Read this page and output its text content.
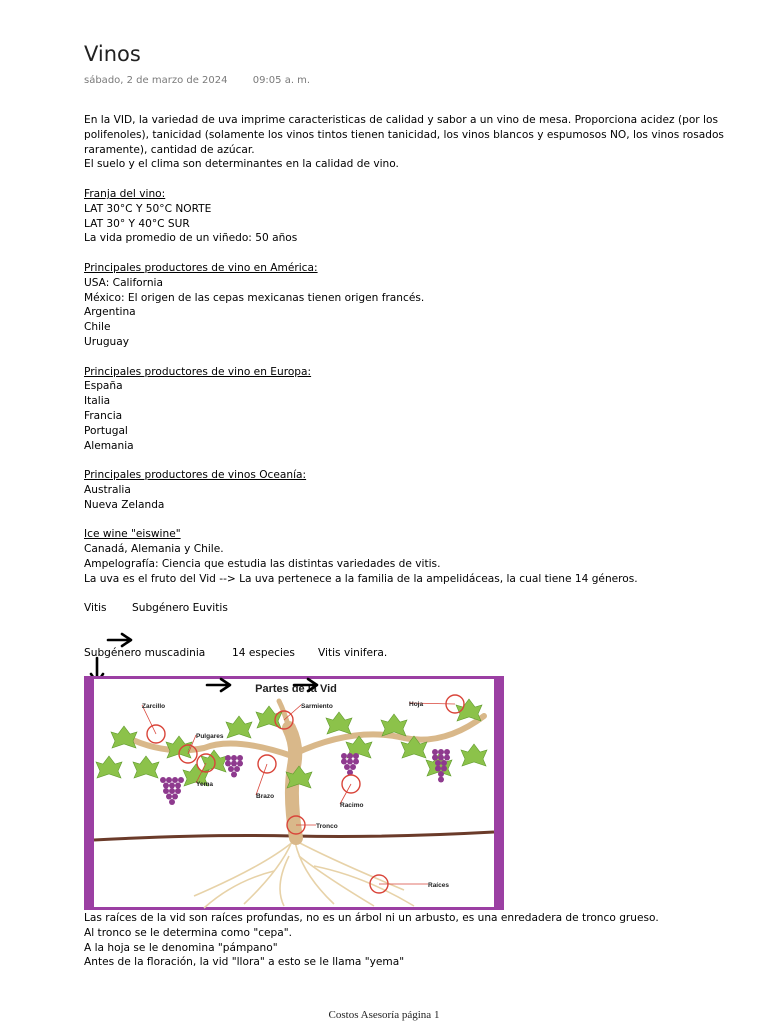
Vinos
sábado, 2 de marzo de 2024	09:05 a. m.

En la VID, la variedad de uva imprime caracteristicas de calidad y sabor a un vino de mesa. Proporciona acidez (por los polifenoles), tanicidad (solamente los vinos tintos tienen tanicidad, los vinos blancos y espumosos NO, los vinos rosados raramente), cantidad de azúcar.

El suelo y el clima son determinantes en la calidad de vino.

Franja del vino:

LAT 30°C Y 50°C NORTE

LAT 30° Y 40°C SUR

La vida promedio de un viñedo: 50 años

Principales productores de vino en América:

USA: California

México: El origen de las cepas mexicanas tienen origen francés.

Argentina

Chile

Uruguay

Principales productores de vino en Europa:

España

Italia

Francia

Portugal

Alemania

Principales productores de vinos Oceanía:

Australia

Nueva Zelanda

Ice wine "eiswine"

Canadá, Alemania y Chile.

Ampelografía: Ciencia que estudia las distintas variedades de vitis.

La uva es el fruto del Vid --> La uva pertenece a la familia de la ampelidáceas, la cual tiene 14 géneros.

Vitis Subgénero Euvitis

Subgénero muscadinia	14 especies Vitis vinifera.

Partes de la Vid
Zarcillo
Pulgares
Yema
Brazo
Sarmiento	Hoja
Racimo
Tronco
Raíces

Las raíces de la vid son raíces profundas, no es un árbol ni un arbusto, es una enredadera de tronco grueso.

Al tronco se le determina como "cepa".

A la hoja se le denomina "pámpano"

Antes de la floración, la vid "llora" a esto se le llama "yema"

Costos Asesoría página 1
